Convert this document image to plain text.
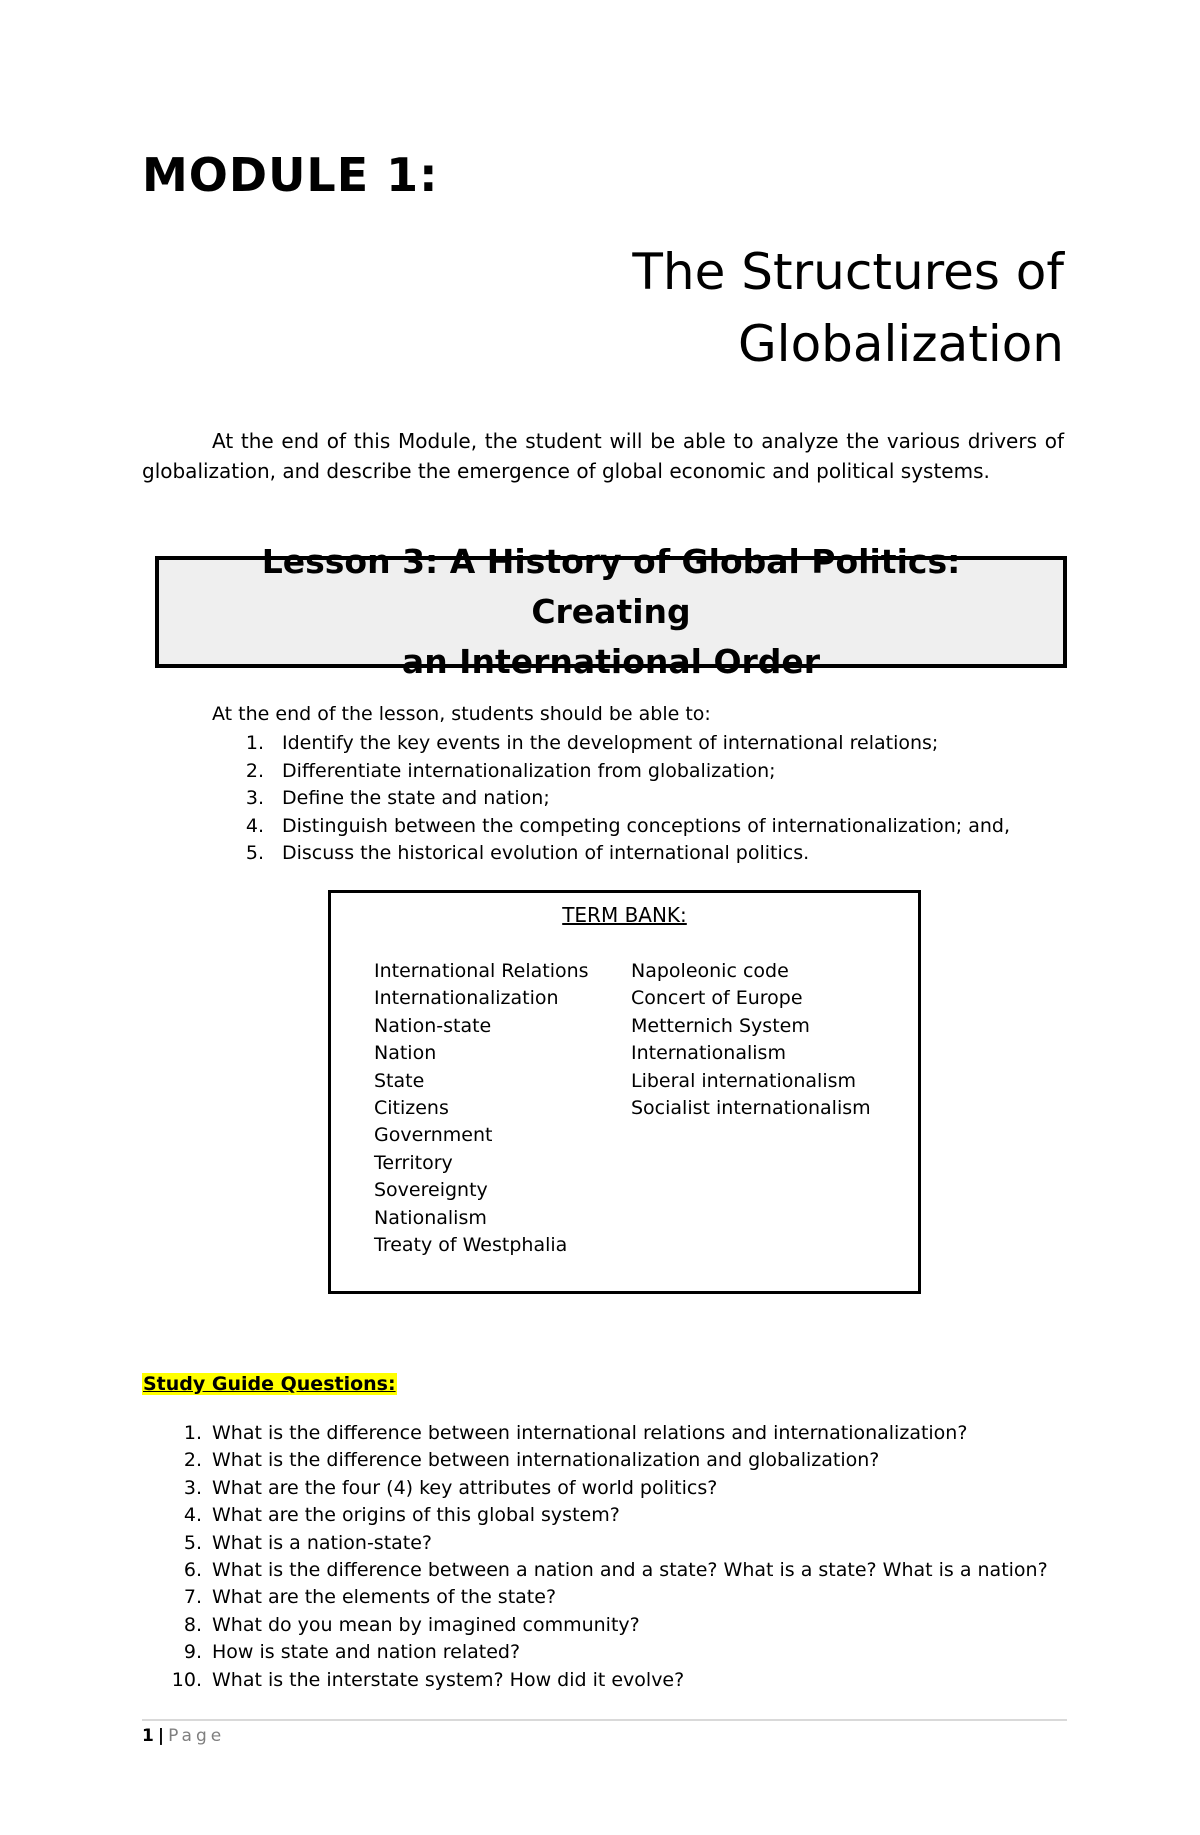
MODULE 1:
The Structures of
Globalization

At the end of this Module, the student will be able to analyze the various drivers of globalization, and describe the emergence of global economic and political systems.

Lesson 3: A History of Global Politics: Creating
an International Order

At the end of the lesson, students should be able to:

1. Identify the key events in the development of international relations;
2. Differentiate internationalization from globalization;
3. Define the state and nation;
4. Distinguish between the competing conceptions of internationalization; and,
5. Discuss the historical evolution of international politics.

TERM BANK:

International Relations
Internationalization
Nation-state
Nation
State
Citizens
Government
Territory
Sovereignty
Nationalism
Treaty of Westphalia
Napoleonic code
Concert of Europe
Metternich System
Internationalism
Liberal internationalism
Socialist internationalism

Study Guide Questions:

1. What is the difference between international relations and internationalization?
2. What is the difference between internationalization and globalization?
3. What are the four (4) key attributes of world politics?
4. What are the origins of this global system?
5. What is a nation-state?
6. What is the difference between a nation and a state? What is a state? What is a nation?
7. What are the elements of the state?
8. What do you mean by imagined community?
9. How is state and nation related?
10. What is the interstate system? How did it evolve?

1 | Page
